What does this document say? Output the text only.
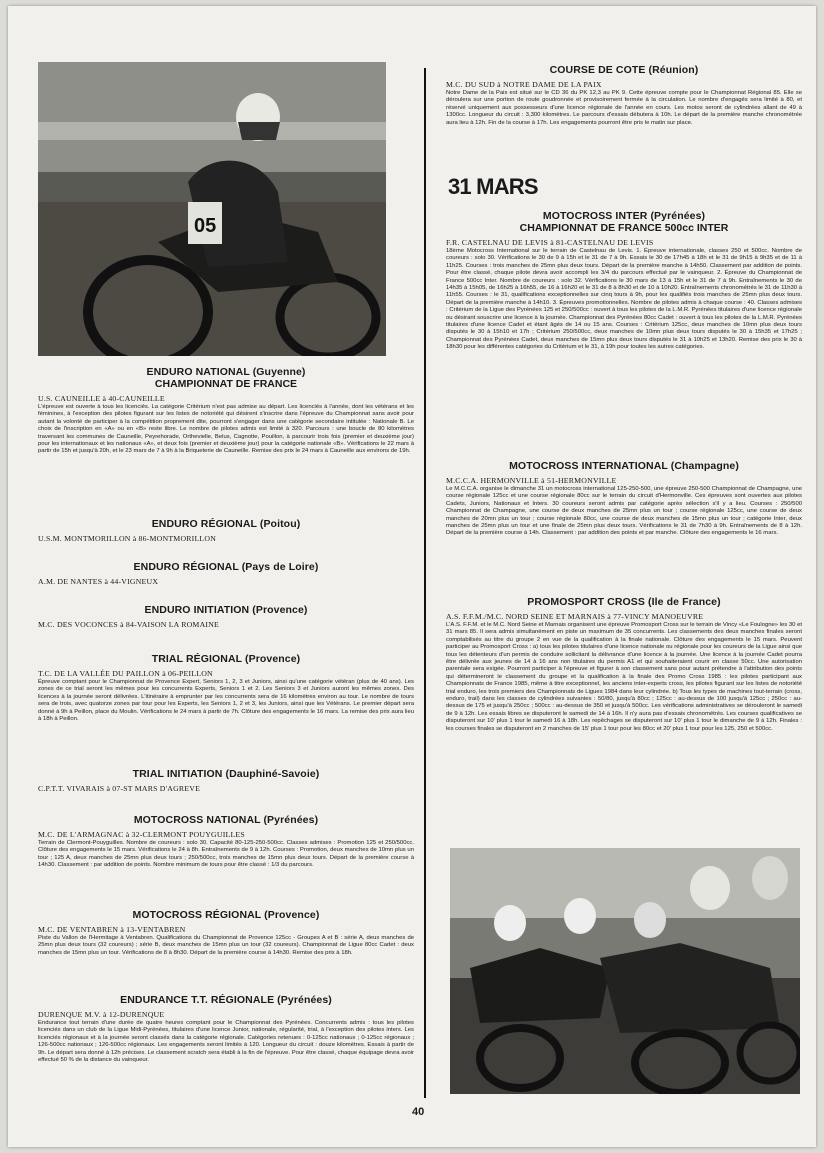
05
ENDURO NATIONAL (Guyenne)
CHAMPIONNAT DE FRANCE
U.S. CAUNEILLE à 40-CAUNEILLE
L'épreuve est ouverte à tous les licenciés. La catégorie Critérium n'est pas admise au départ. Les licenciés à l'année, dont les vétérans et les féminines, à l'exception des pilotes figurant sur les listes de notoriété qui désirent s'inscrire dans l'épreuve du Championnat sans avoir pour autant la volonté de participer à la compétition proprement dite, pourront s'engager dans une catégorie secondaire intitulée : Nationale B. Le choix de l'inscription en «A» ou en «B» reste libre. Le nombre de pilotes admis est limité à 320. Parcours : une boucle de 80 kilomètres traversant les communes de Cauneille, Peyrehorade, Orthevielle, Belus, Cagnotte, Pouillon, à parcourir trois fois (premier et deuxième jour) pour les internationaux et les nationaux «A», et deux fois (premier et deuxième jour) pour la catégorie nationale «B». Vérifications le 22 mars à partir de 15h et jusqu'à 20h, et le 23 mars de 7 à 9h à la Briqueterie de Cauneille. Remise des prix le 24 mars à Cauneille aux environs de 19h.
ENDURO RÉGIONAL (Poitou)
U.S.M. MONTMORILLON à 86-MONTMORILLON
ENDURO RÉGIONAL (Pays de Loire)
A.M. DE NANTES à 44-VIGNEUX
ENDURO INITIATION (Provence)
M.C. DES VOCONCES à 84-VAISON LA ROMAINE
TRIAL RÉGIONAL (Provence)
T.C. DE LA VALLÉE DU PAILLON à 06-PEILLON
Épreuve comptant pour le Championnat de Provence Expert, Seniors 1, 2, 3 et Juniors, ainsi qu'une catégorie vétéran (plus de 40 ans). Les zones de ce trial seront les mêmes pour les concurrents Experts, Seniors 1 et 2. Les Seniors 3 et Juniors auront les mêmes zones. Des licences à la journée seront délivrées. L'itinéraire à emprunter par les concurrents sera de 16 kilomètres environ au tour. Le nombre de tours sera de trois, avec quatorze zones par tour pour les Experts, les Seniors 1, 2 et 3, les Juniors, ainsi que les Vétérans. Le premier départ sera donné à 9h à Peillon, place du Moulin. Vérifications le 24 mars à partir de 7h. Clôture des engagements le 16 mars. La remise des prix aura lieu à 18h à Peillon.
TRIAL INITIATION (Dauphiné-Savoie)
C.P.T.T. VIVARAIS à 07-ST MARS D'AGREVE
MOTOCROSS NATIONAL (Pyrénées)
M.C. DE L'ARMAGNAC à 32-CLERMONT POUYGUILLES
Terrain de Clermont-Pouyguilles. Nombre de coureurs : solo 30. Capacité 80-125-250-500cc. Classes admises : Promotion 125 et 250/500cc. Clôture des engagements le 15 mars. Vérifications le 24 à 8h. Entraînements de 9 à 12h. Courses : Promotion, deux manches de 10mn plus un tour ; 125 A, deux manches de 25mn plus deux tours ; 250/500cc, trois manches de 15mn plus deux tours. Départ de la première course à 14h30. Classement : par addition de points. Nombre minimum de tours pour être classé : 1/3 du parcours.
MOTOCROSS RÉGIONAL (Provence)
M.C. DE VENTABREN à 13-VENTABREN
Piste du Vallon de l'Hermitage à Ventabren. Qualifications du Championnat de Provence 125cc - Groupes A et B : série A, deux manches de 25mn plus deux tours (32 coureurs) ; série B, deux manches de 15mn plus un tour (32 coureurs). Championnat de Ligue 80cc Cadet : deux manches de 15mn plus un tour. Vérifications de 8 à 8h30. Départ de la première course à 14h30. Remise des prix à 18h.
ENDURANCE T.T. RÉGIONALE (Pyrénées)
DURENQUE M.V. à 12-DURENQUE
Endurance tout terrain d'une durée de quatre heures comptant pour le Championnat des Pyrénées. Concurrents admis : tous les pilotes licenciés dans un club de la Ligue Midi-Pyrénées, titulaires d'une licence Junior, nationale, régularité, trial, à l'exception des pilotes inters. Les licenciés régionaux et à la journée seront classés dans la catégorie régionale. Catégories retenues : 0-125cc nationaux ; 0-125cc régionaux ; 126-500cc nationaux ; 126-500cc régionaux. Les engagements seront limités à 120. Longueur du circuit : douze kilomètres. Essais à partir de 9h. Le départ sera donné à 12h précises. Le classement scratch sera établi à la fin de l'épreuve. Pour être classé, chaque équipage devra avoir effectué 50 % de la distance du vainqueur.
COURSE DE COTE (Réunion)
M.C. DU SUD à NOTRE DAME DE LA PAIX
Notre Dame de la Paix est situé sur le CD 36 du PK 12,3 au PK 9. Cette épreuve compte pour le Championnat Régional 85. Elle se déroulera sur une portion de route goudronnée et provisoirement fermée à la circulation. Le nombre d'engagés sera limité à 80, et réservé uniquement aux possesseurs d'une licence régionale de l'année en cours. Les motos seront de cylindrées allant de 49 à 1300cc. Longueur du circuit : 3,300 kilomètres. Le parcours d'essais débutera à 10h. Le départ de la première manche chronométrée aura lieu à 12h. Fin de la course à 17h. Les engagements pourront être pris le matin sur place.
31 MARS
MOTOCROSS INTER (Pyrénées)
CHAMPIONNAT DE FRANCE 500cc INTER
F.R. CASTELNAU DE LEVIS à 81-CASTELNAU DE LEVIS
18ème Motocross International sur le terrain de Castelnau de Levis. 1. Épreuve internationale, classes 250 et 500cc. Nombre de coureurs : solo 30. Vérifications le 30 de 9 à 15h et le 31 de 7 à 9h. Essais le 30 de 17h45 à 18h et le 31 de 9h15 à 9h35 et de 11 à 11h25. Courses : trois manches de 25mn plus deux tours. Départ de la première manche à 14h50. Classement par addition de points. Pour être classé, chaque pilote devra avoir accompli les 3/4 du parcours effectué par le vainqueur. 2. Épreuve du Championnat de France 500cc Inter. Nombre de coureurs : solo 32. Vérifications le 30 mars de 13 à 15h et le 31 de 7 à 9h. Entraînements le 30 de 14h35 à 15h05, de 16h25 à 16h55, de 16 à 16h20 et le 31 de 8 à 8h30 et de 10 à 10h20. Entraînements chronométrés le 31 de 11h30 à 11h55. Courses : le 31, qualifications exceptionnelles sur cinq tours à 9h, pour les qualifiés trois manches de 25mn plus deux tours. Départ de la première manche à 14h10. 3. Épreuves promotionnelles. Nombre de pilotes admis à chaque course : 40. Classes admises : Critérium de la Ligue des Pyrénées 125 et 250/500cc : ouvert à tous les pilotes de la L.M.R. Pyrénées titulaires d'une licence régionale ou désirant souscrire une licence à la journée. Championnat des Pyrénées 80cc Cadet : ouvert à tous les pilotes de la L.M.R. Pyrénées titulaires d'une licence Cadet et étant âgés de 14 ou 15 ans. Courses : Critérium 125cc, deux manches de 10mn plus deux tours disputés le 30 à 15h10 et 17h ; Critérium 250/500cc, deux manches de 10mn plus deux tours disputés le 30 à 15h35 et 17h25 ; Championnat des Pyrénées Cadet, deux manches de 15mn plus deux tours disputés le 31 à 10h25 et 13h20. Remise des prix le 30 à 18h30 pour les différentes catégories du Critérium et le 31, à 19h pour toutes les autres catégories.
MOTOCROSS INTERNATIONAL (Champagne)
M.C.C.A. HERMONVILLE à 51-HERMONVILLE
Le M.C.C.A. organise le dimanche 31 un motocross international 125-250-500, une épreuve 250-500 Championnat de Champagne, une course régionale 125cc et une course régionale 80cc sur le terrain du circuit d'Hermonville. Ces épreuves sont ouvertes aux pilotes Cadets, Juniors, Nationaux et Inters. 30 coureurs seront admis par catégorie après sélection s'il y a lieu. Courses : 250/500 Championnat de Champagne, une course de deux manches de 25mn plus un tour ; course régionale 125cc, une course de deux manches de 20mn plus un tour ; course régionale 80cc, une course de deux manches de 15mn plus un tour ; catégorie Inter, deux manches de 25mn plus un tour et une finale de 25mn plus deux tours. Vérifications le 31 de 7h30 à 9h. Entraînements de 8 à 12h. Départ de la première course à 14h. Classement : par addition des points et par manche. Clôture des engagements le 16 mars.
PROMOSPORT CROSS (Ile de France)
A.S. F.F.M./M.C. NORD SEINE ET MARNAIS à 77-VINCY MANOEUVRE
L'A.S. F.F.M. et le M.C. Nord Seine et Marnais organisent une épreuve Promosport Cross sur le terrain de Vincy «Le Foulogne» les 30 et 31 mars 85. Il sera admis simultanément en piste un maximum de 35 concurrents. Les classements des deux manches finales seront comptabilisés au titre du groupe 2 en vue de la qualification à la finale nationale. Clôture des engagements le 15 mars. Peuvent participer au Promosport Cross : a) tous les pilotes titulaires d'une licence nationale ou régionale pour les coureurs de la Ligue ainsi que tous les détenteurs d'un permis de conduire sollicitant la délivrance d'une licence à la journée. Une licence à la journée Cadet pourra être délivrée aux jeunes de 14 à 16 ans non titulaires du permis A1 et qui souhaiteraient courir en classe 50cc. Une autorisation parentale sera exigée. Pourront participer à l'épreuve et figurer à son classement sans pour autant prétendre à l'attribution des points qui détermineront le classement du groupe et la qualification à la finale des Promo Cross 1985 : les pilotes participant aux Championnats de France 1985, même à titre exceptionnel, les anciens inter-experts cross, les pilotes figurant sur les listes de notoriété trial enduro, les trois premiers des Championnats de Ligues 1984 dans leur cylindrée. b) Tous les types de machines tout-terrain (cross, enduro, trail) dans les classes de cylindrées suivantes : 50/80, jusqu'à 80cc ; 125cc : au-dessus de 100 jusqu'à 125cc ; 250cc : au-dessus de 175 et jusqu'à 250cc ; 500cc : au-dessus de 350 et jusqu'à 500cc. Les vérifications administratives se dérouleront le samedi de 9 à 12h. Les essais libres se disputeront le samedi de 14 à 16h. Il n'y aura pas d'essais chronométrés. Les courses qualificatives se disputeront sur 10' plus 1 tour le samedi 16 à 18h. Les repêchages se disputeront sur 10' plus 1 tour le dimanche de 9 à 12h. Finales : les courses finales se disputeront en 2 manches de 15' plus 1 tour pour les 80cc et 20' plus 1 tour pour les 125, 250 et 500cc.
40
